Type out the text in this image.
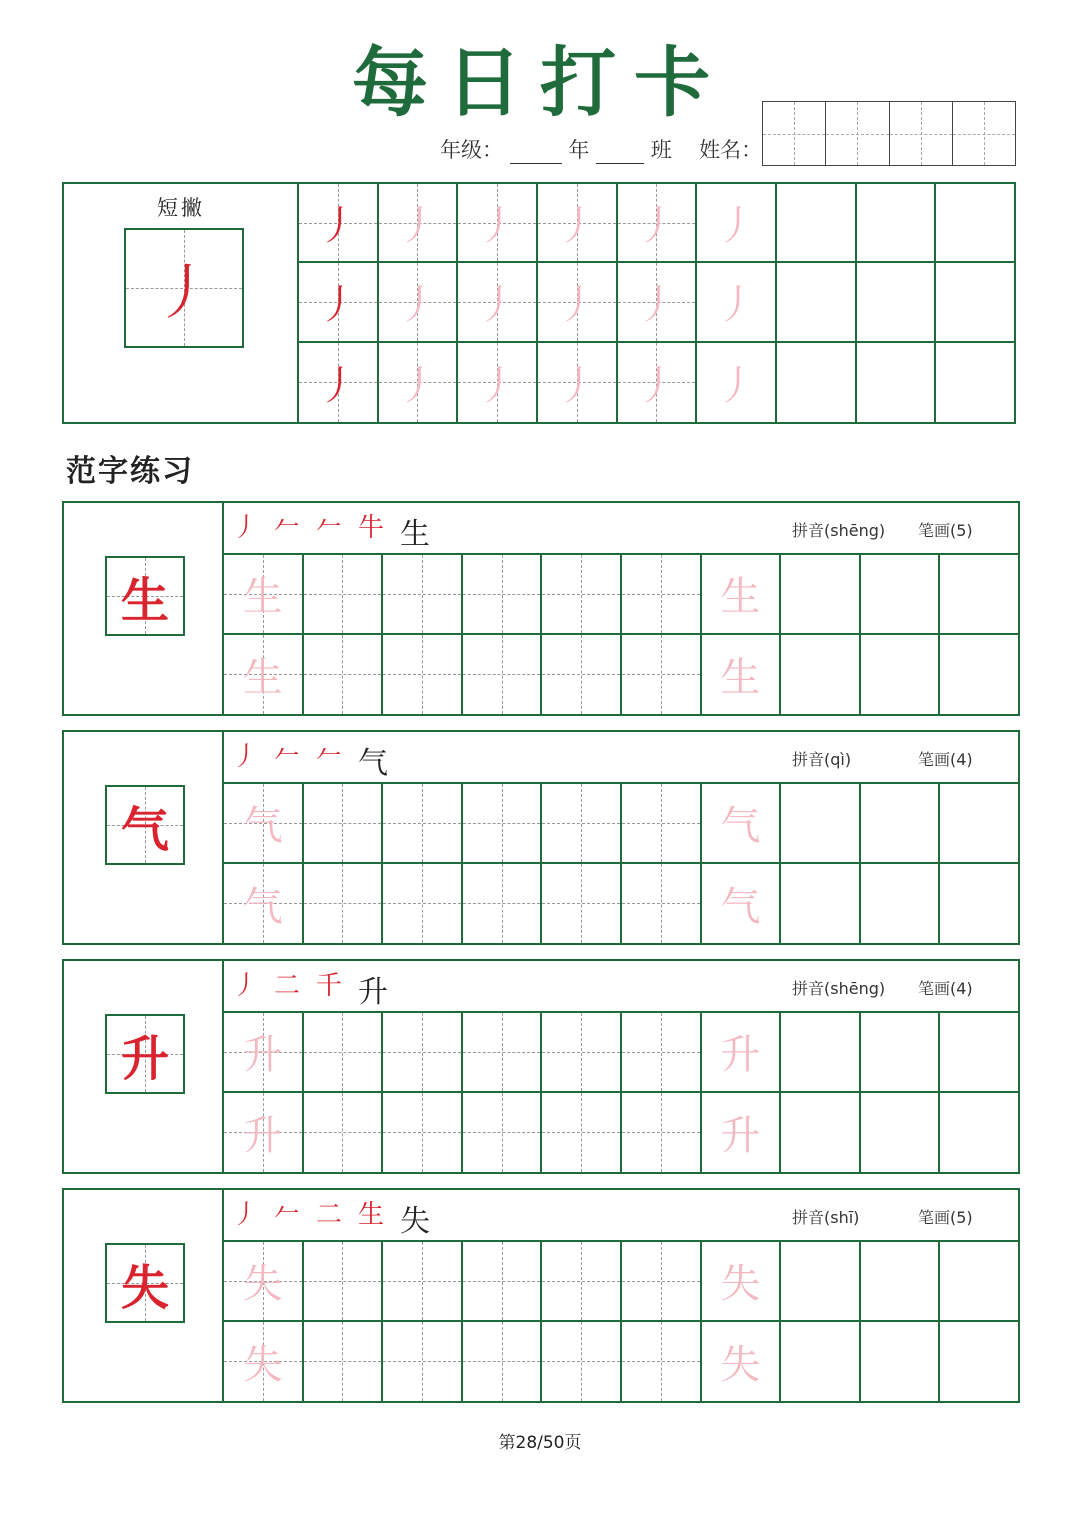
每日打卡
年级：	年	班 姓名：
短撇
丿
丿 丿 丿 丿 丿 丿
丿 丿 丿 丿 丿 丿
丿 丿 丿 丿 丿 丿
范字练习
生
丿 𠂉 𠂉 牛 生	拼音(shēng) 笔画(5)
生	生
生	生
气
丿 𠂉 𠂉 气	拼音(qì)	笔画(4)
气	气
气	气
升
丿 二 千 升	拼音(shēng) 笔画(4)
升	升
升	升
失
丿 𠂉 二 生 失	拼音(shī)	笔画(5)
失	失
失	失
第28/50页
